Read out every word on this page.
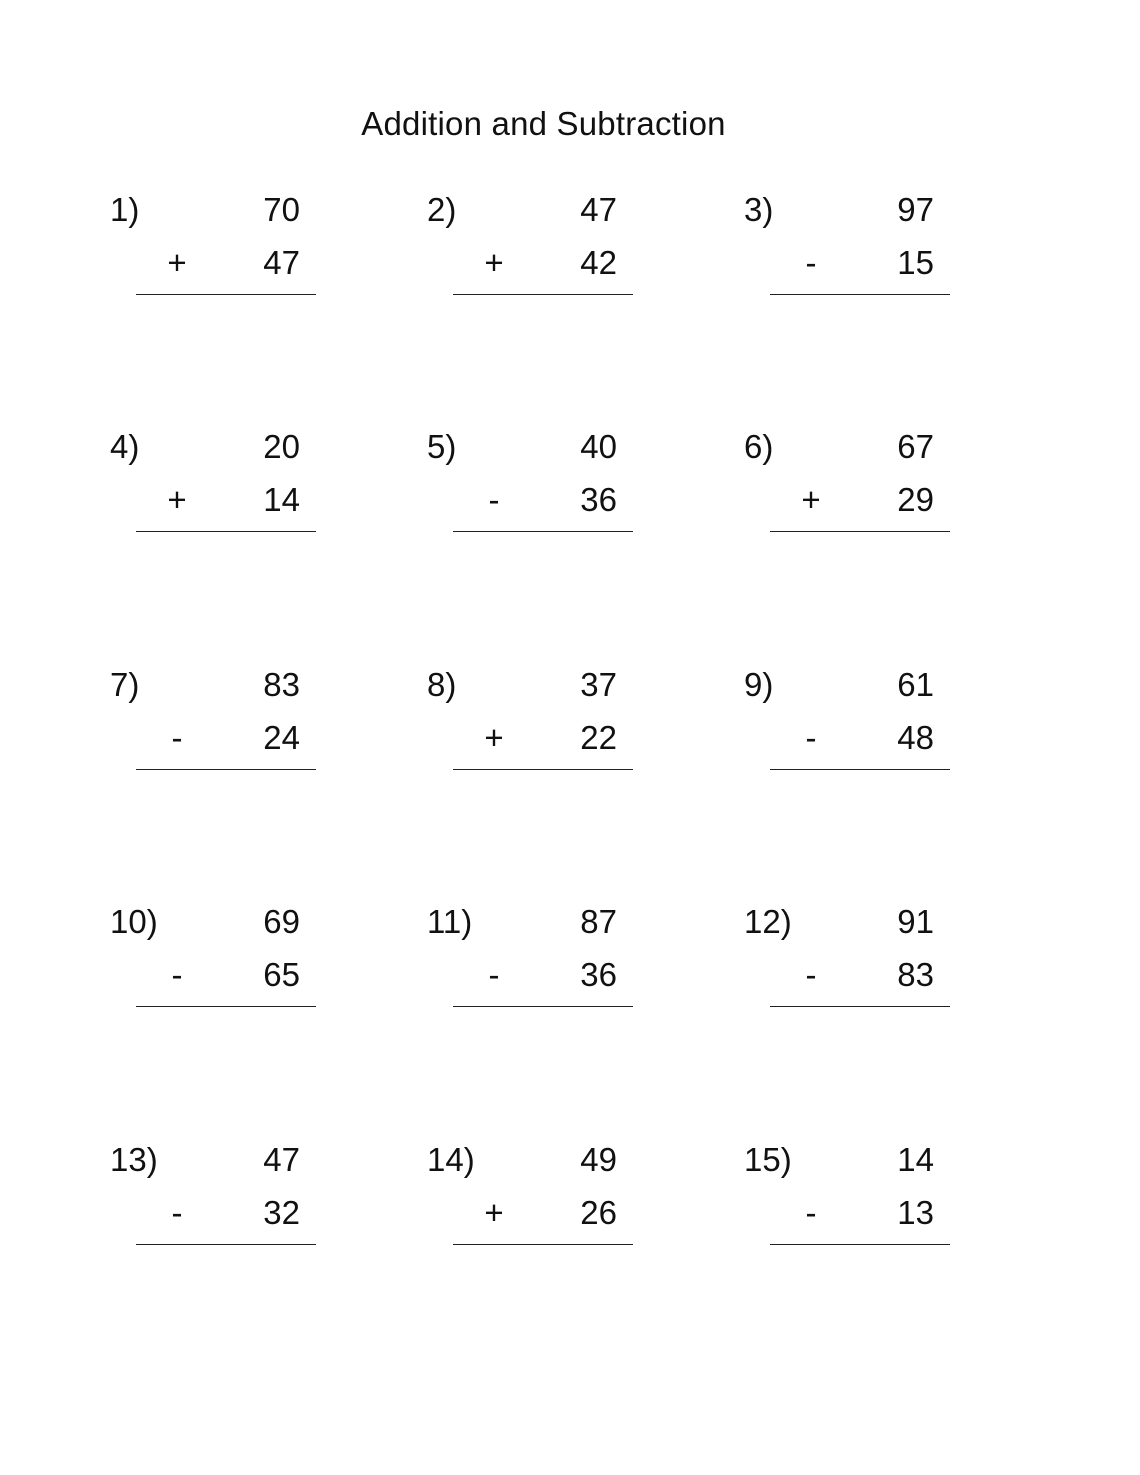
Addition and Subtraction
1)	70
+ 47
2)	47
+ 42
3)	97
- 15
4)	20
+ 14
5)	40
- 36
6)	67
+ 29
7)	83
- 24
8)	37
+ 22
9)	61
- 48
10)	69
- 65
11)	87
- 36
12)	91
- 83
13)	47
- 32
14)	49
+ 26
15)	14
- 13
